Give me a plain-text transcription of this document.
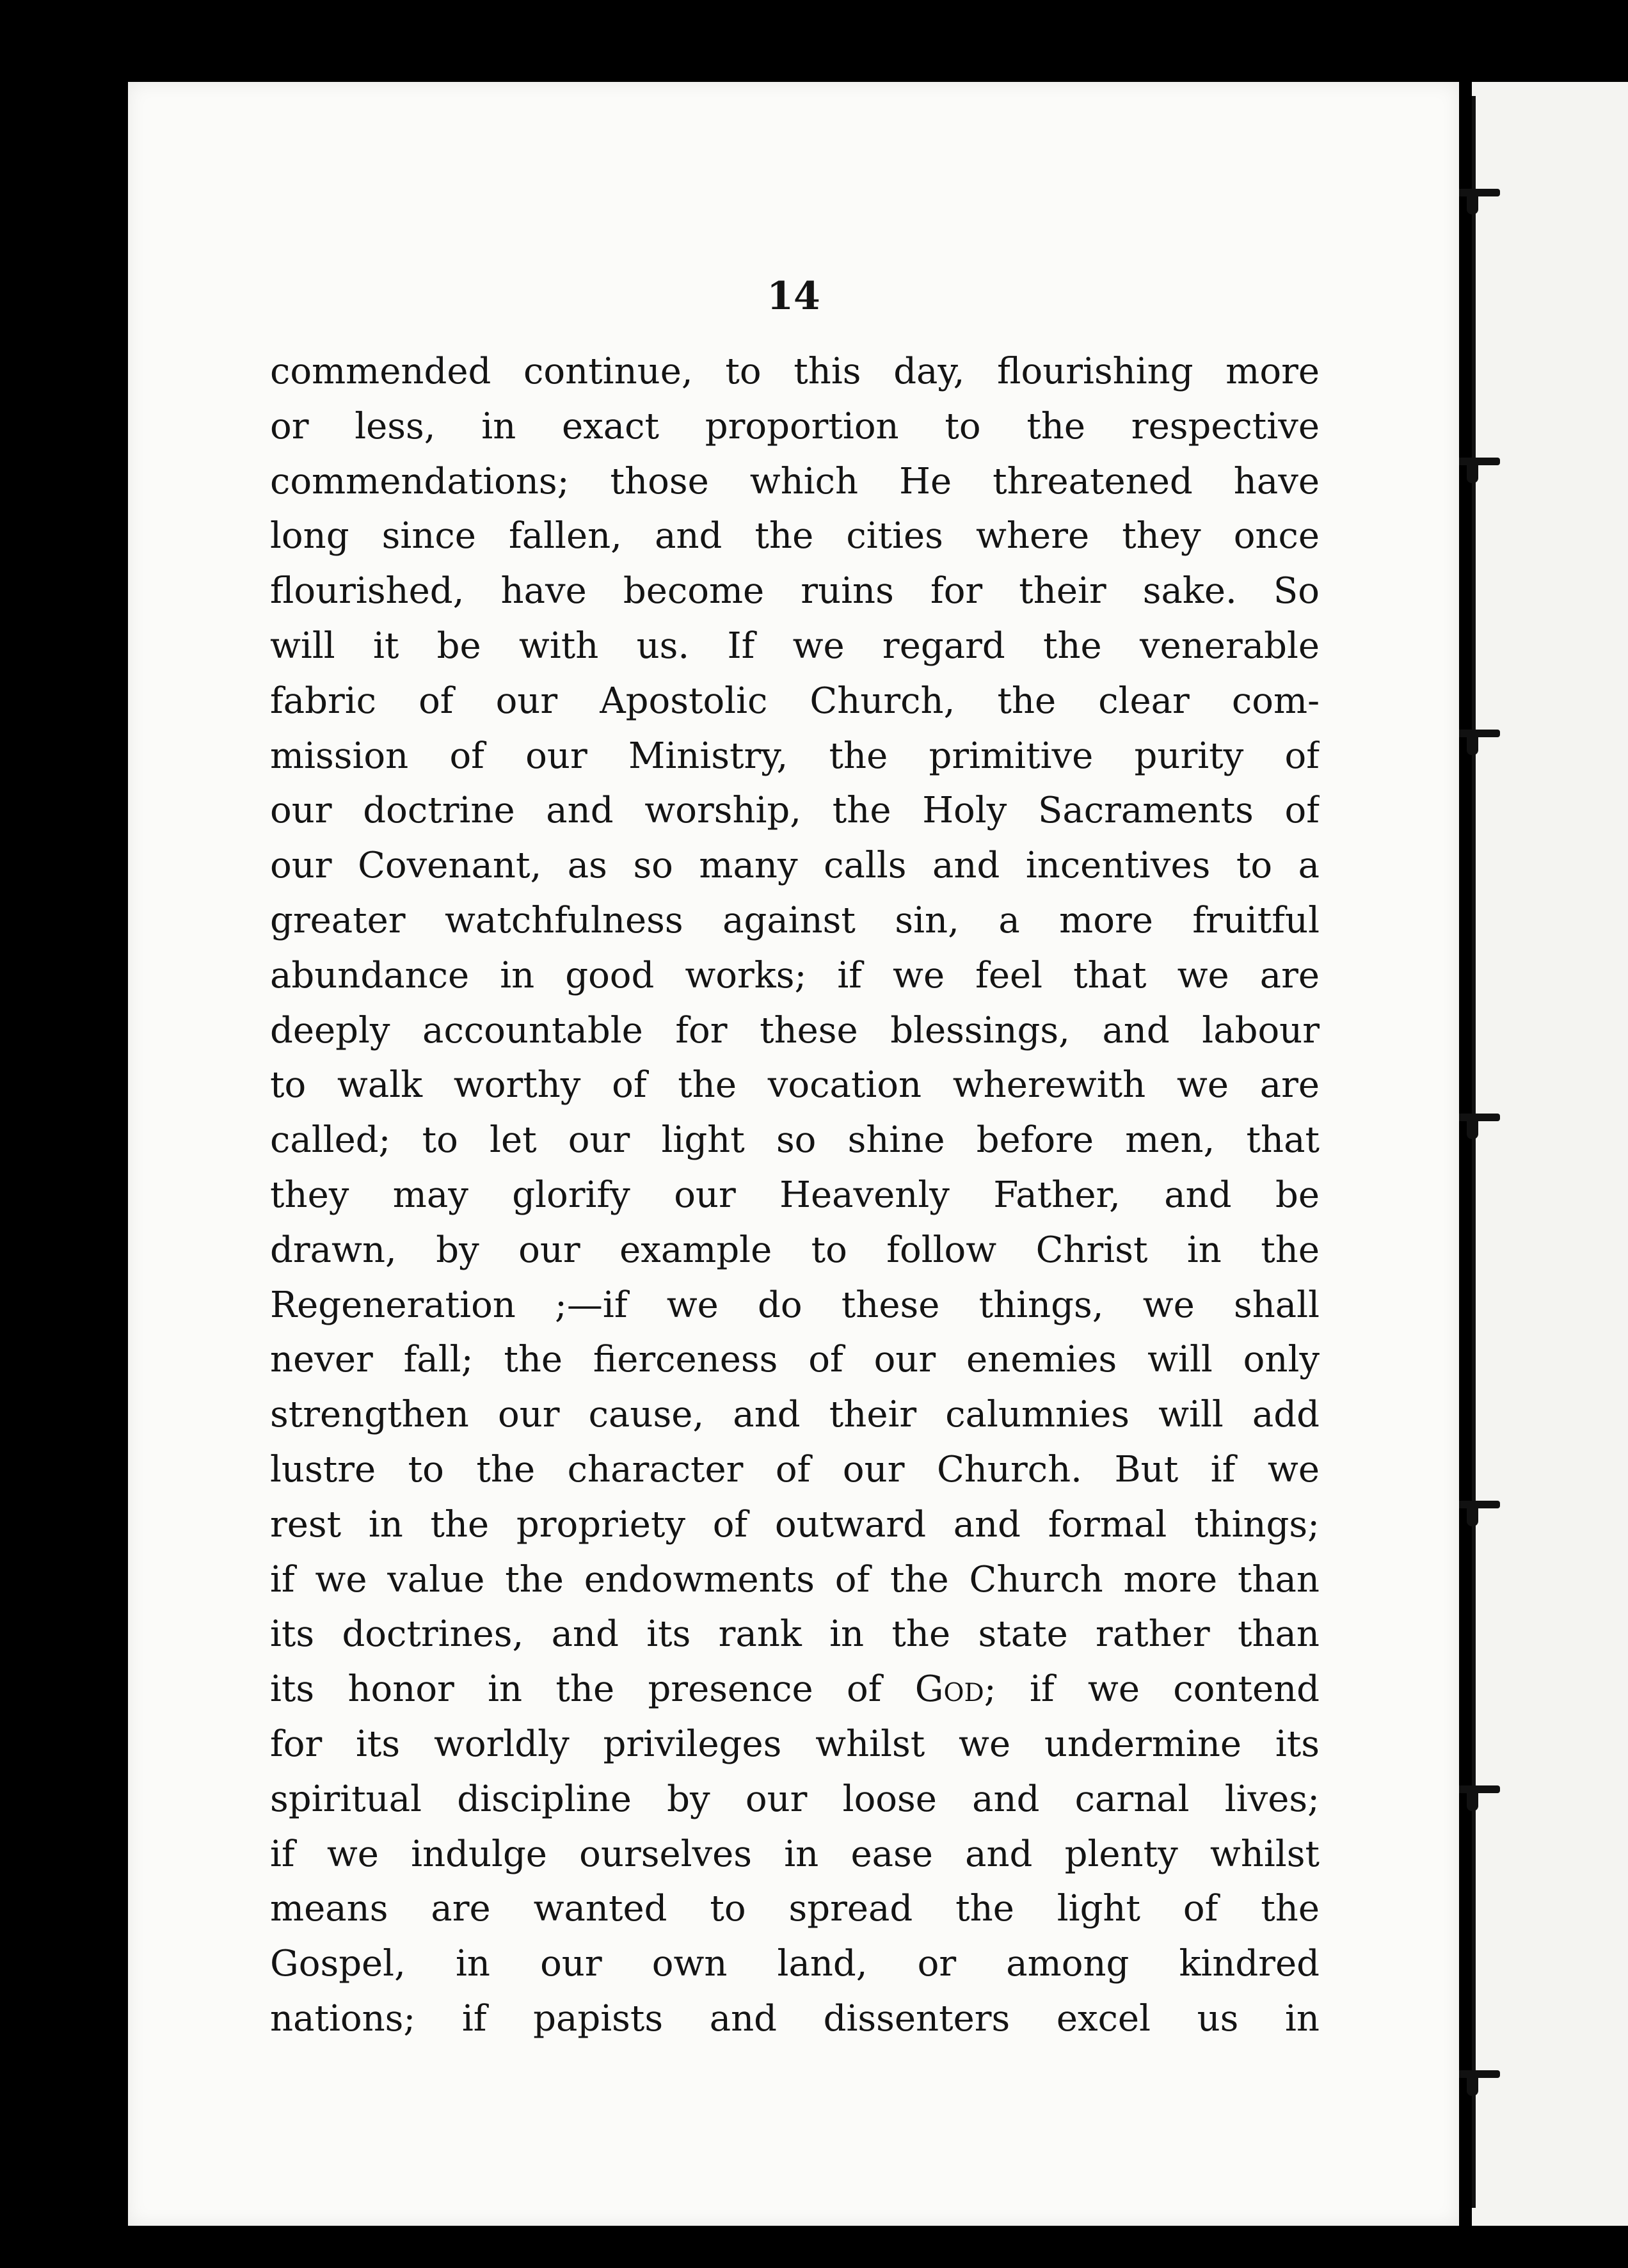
14

commended continue, to this day, flourishing more
or less, in exact proportion to the respective
commendations; those which He threatened have
long since fallen, and the cities where they once
flourished, have become ruins for their sake. So
will it be with us. If we regard the venerable
fabric of our Apostolic Church, the clear com-
mission of our Ministry, the primitive purity of
our doctrine and worship, the Holy Sacraments of
our Covenant, as so many calls and incentives to a
greater watchfulness against sin, a more fruitful
abundance in good works; if we feel that we are
deeply accountable for these blessings, and labour
to walk worthy of the vocation wherewith we are
called; to let our light so shine before men, that
they may glorify our Heavenly Father, and be
drawn, by our example to follow Christ in the
Regeneration ;—if we do these things, we shall
never fall; the fierceness of our enemies will only
strengthen our cause, and their calumnies will add
lustre to the character of our Church. But if we
rest in the propriety of outward and formal things;
if we value the endowments of the Church more than
its doctrines, and its rank in the state rather than
its honor in the presence of God; if we contend
for its worldly privileges whilst we undermine its
spiritual discipline by our loose and carnal lives;
if we indulge ourselves in ease and plenty whilst
means are wanted to spread the light of the
Gospel, in our own land, or among kindred
nations; if papists and dissenters excel us in
